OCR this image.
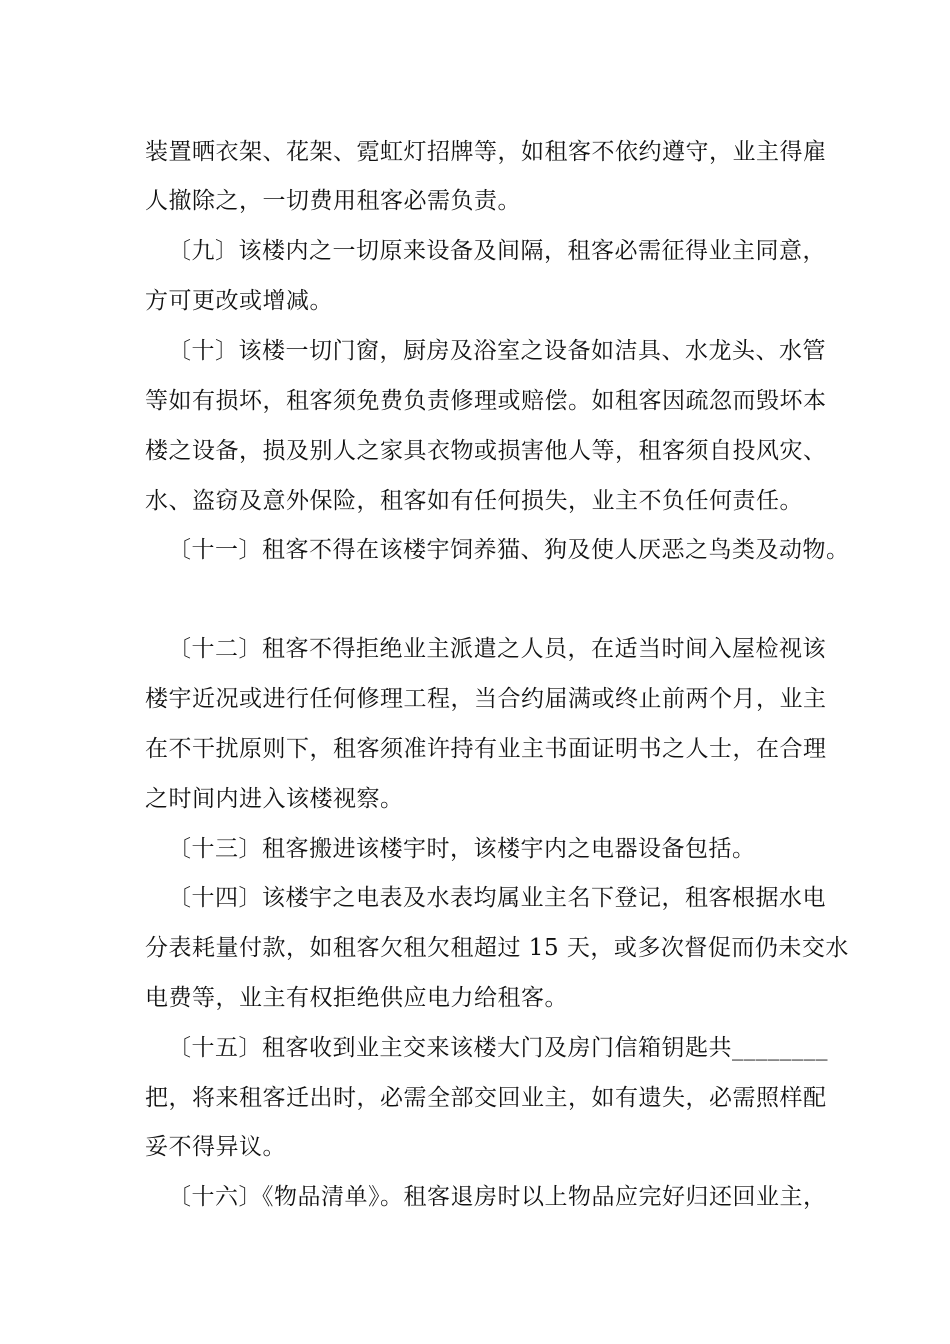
装置晒衣架、花架、霓虹灯招牌等，如租客不依约遵守，业主得雇
人撤除之，一切费用租客必需负责。
〔九〕该楼内之一切原来设备及间隔，租客必需征得业主同意，
方可更改或增减。
〔十〕该楼一切门窗，厨房及浴室之设备如洁具、水龙头、水管
等如有损坏，租客须免费负责修理或赔偿。如租客因疏忽而毁坏本
楼之设备，损及别人之家具衣物或损害他人等，租客须自投风灾、
水、盗窃及意外保险，租客如有任何损失，业主不负任何责任。
〔十一〕租客不得在该楼宇饲养猫、狗及使人厌恶之鸟类及动物。
〔十二〕租客不得拒绝业主派遣之人员，在适当时间入屋检视该
楼宇近况或进行任何修理工程，当合约届满或终止前两个月，业主
在不干扰原则下，租客须准许持有业主书面证明书之人士，在合理
之时间内进入该楼视察。
〔十三〕租客搬进该楼宇时，该楼宇内之电器设备包括。
〔十四〕该楼宇之电表及水表均属业主名下登记，租客根据水电
分表耗量付款，如租客欠租欠租超过 15 天，或多次督促而仍未交水
电费等，业主有权拒绝供应电力给租客。
〔十五〕租客收到业主交来该楼大门及房门信箱钥匙共________
把，将来租客迁出时，必需全部交回业主，如有遗失，必需照样配
妥不得异议。
〔十六〕《物品清单》。租客退房时以上物品应完好归还回业主，
